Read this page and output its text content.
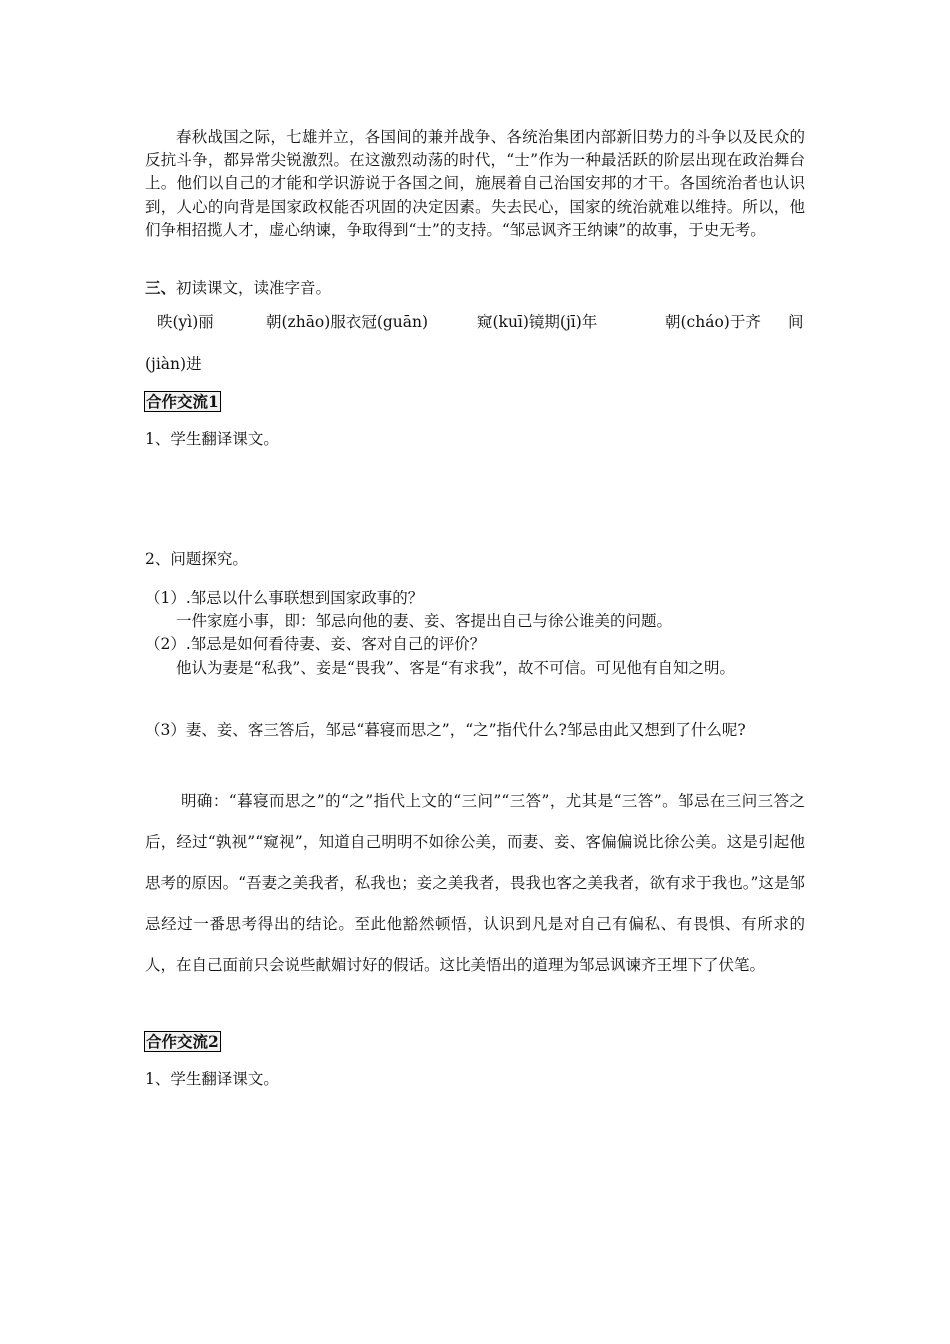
春秋战国之际，七雄并立，各国间的兼并战争、各统治集团内部新旧势力的斗争以及民众的反抗斗争，都异常尖锐激烈。在这激烈动荡的时代，“士”作为一种最活跃的阶层出现在政治舞台上。他们以自己的才能和学识游说于各国之间，施展着自己治国安邦的才干。各国统治者也认识到，人心的向背是国家政权能否巩固的决定因素。失去民心，国家的统治就难以维持。所以，他们争相招揽人才，虚心纳谏，争取得到“士”的支持。“邹忌讽齐王纳谏”的故事，于史无考。

三、初读课文，读准字音。

昳(yì)丽	朝(zhāo)服衣冠(guān)	窥(kuī)镜期(jī)年	朝(cháo)于齐 间

(jiàn)进

合作交流1

1、学生翻译课文。

2、问题探究。

（1）.邹忌以什么事联想到国家政事的？

一件家庭小事，即：邹忌向他的妻、妾、客提出自己与徐公谁美的问题。

（2）.邹忌是如何看待妻、妾、客对自己的评价？

他认为妻是“私我”、妾是“畏我”、客是“有求我”，故不可信。可见他有自知之明。

（3）妻、妾、客三答后，邹忌“暮寝而思之”，“之”指代什么?邹忌由此又想到了什么呢?

明确：“暮寝而思之”的“之”指代上文的“三问”“三答”，尤其是“三答”。邹忌在三问三答之后，经过“孰视”“窥视”，知道自己明明不如徐公美，而妻、妾、客偏偏说比徐公美。这是引起他思考的原因。“吾妻之美我者，私我也；妾之美我者，畏我也客之美我者，欲有求于我也。”这是邹忌经过一番思考得出的结论。至此他豁然顿悟，认识到凡是对自己有偏私、有畏惧、有所求的人，在自己面前只会说些献媚讨好的假话。这比美悟出的道理为邹忌讽谏齐王埋下了伏笔。

合作交流2

1、学生翻译课文。
